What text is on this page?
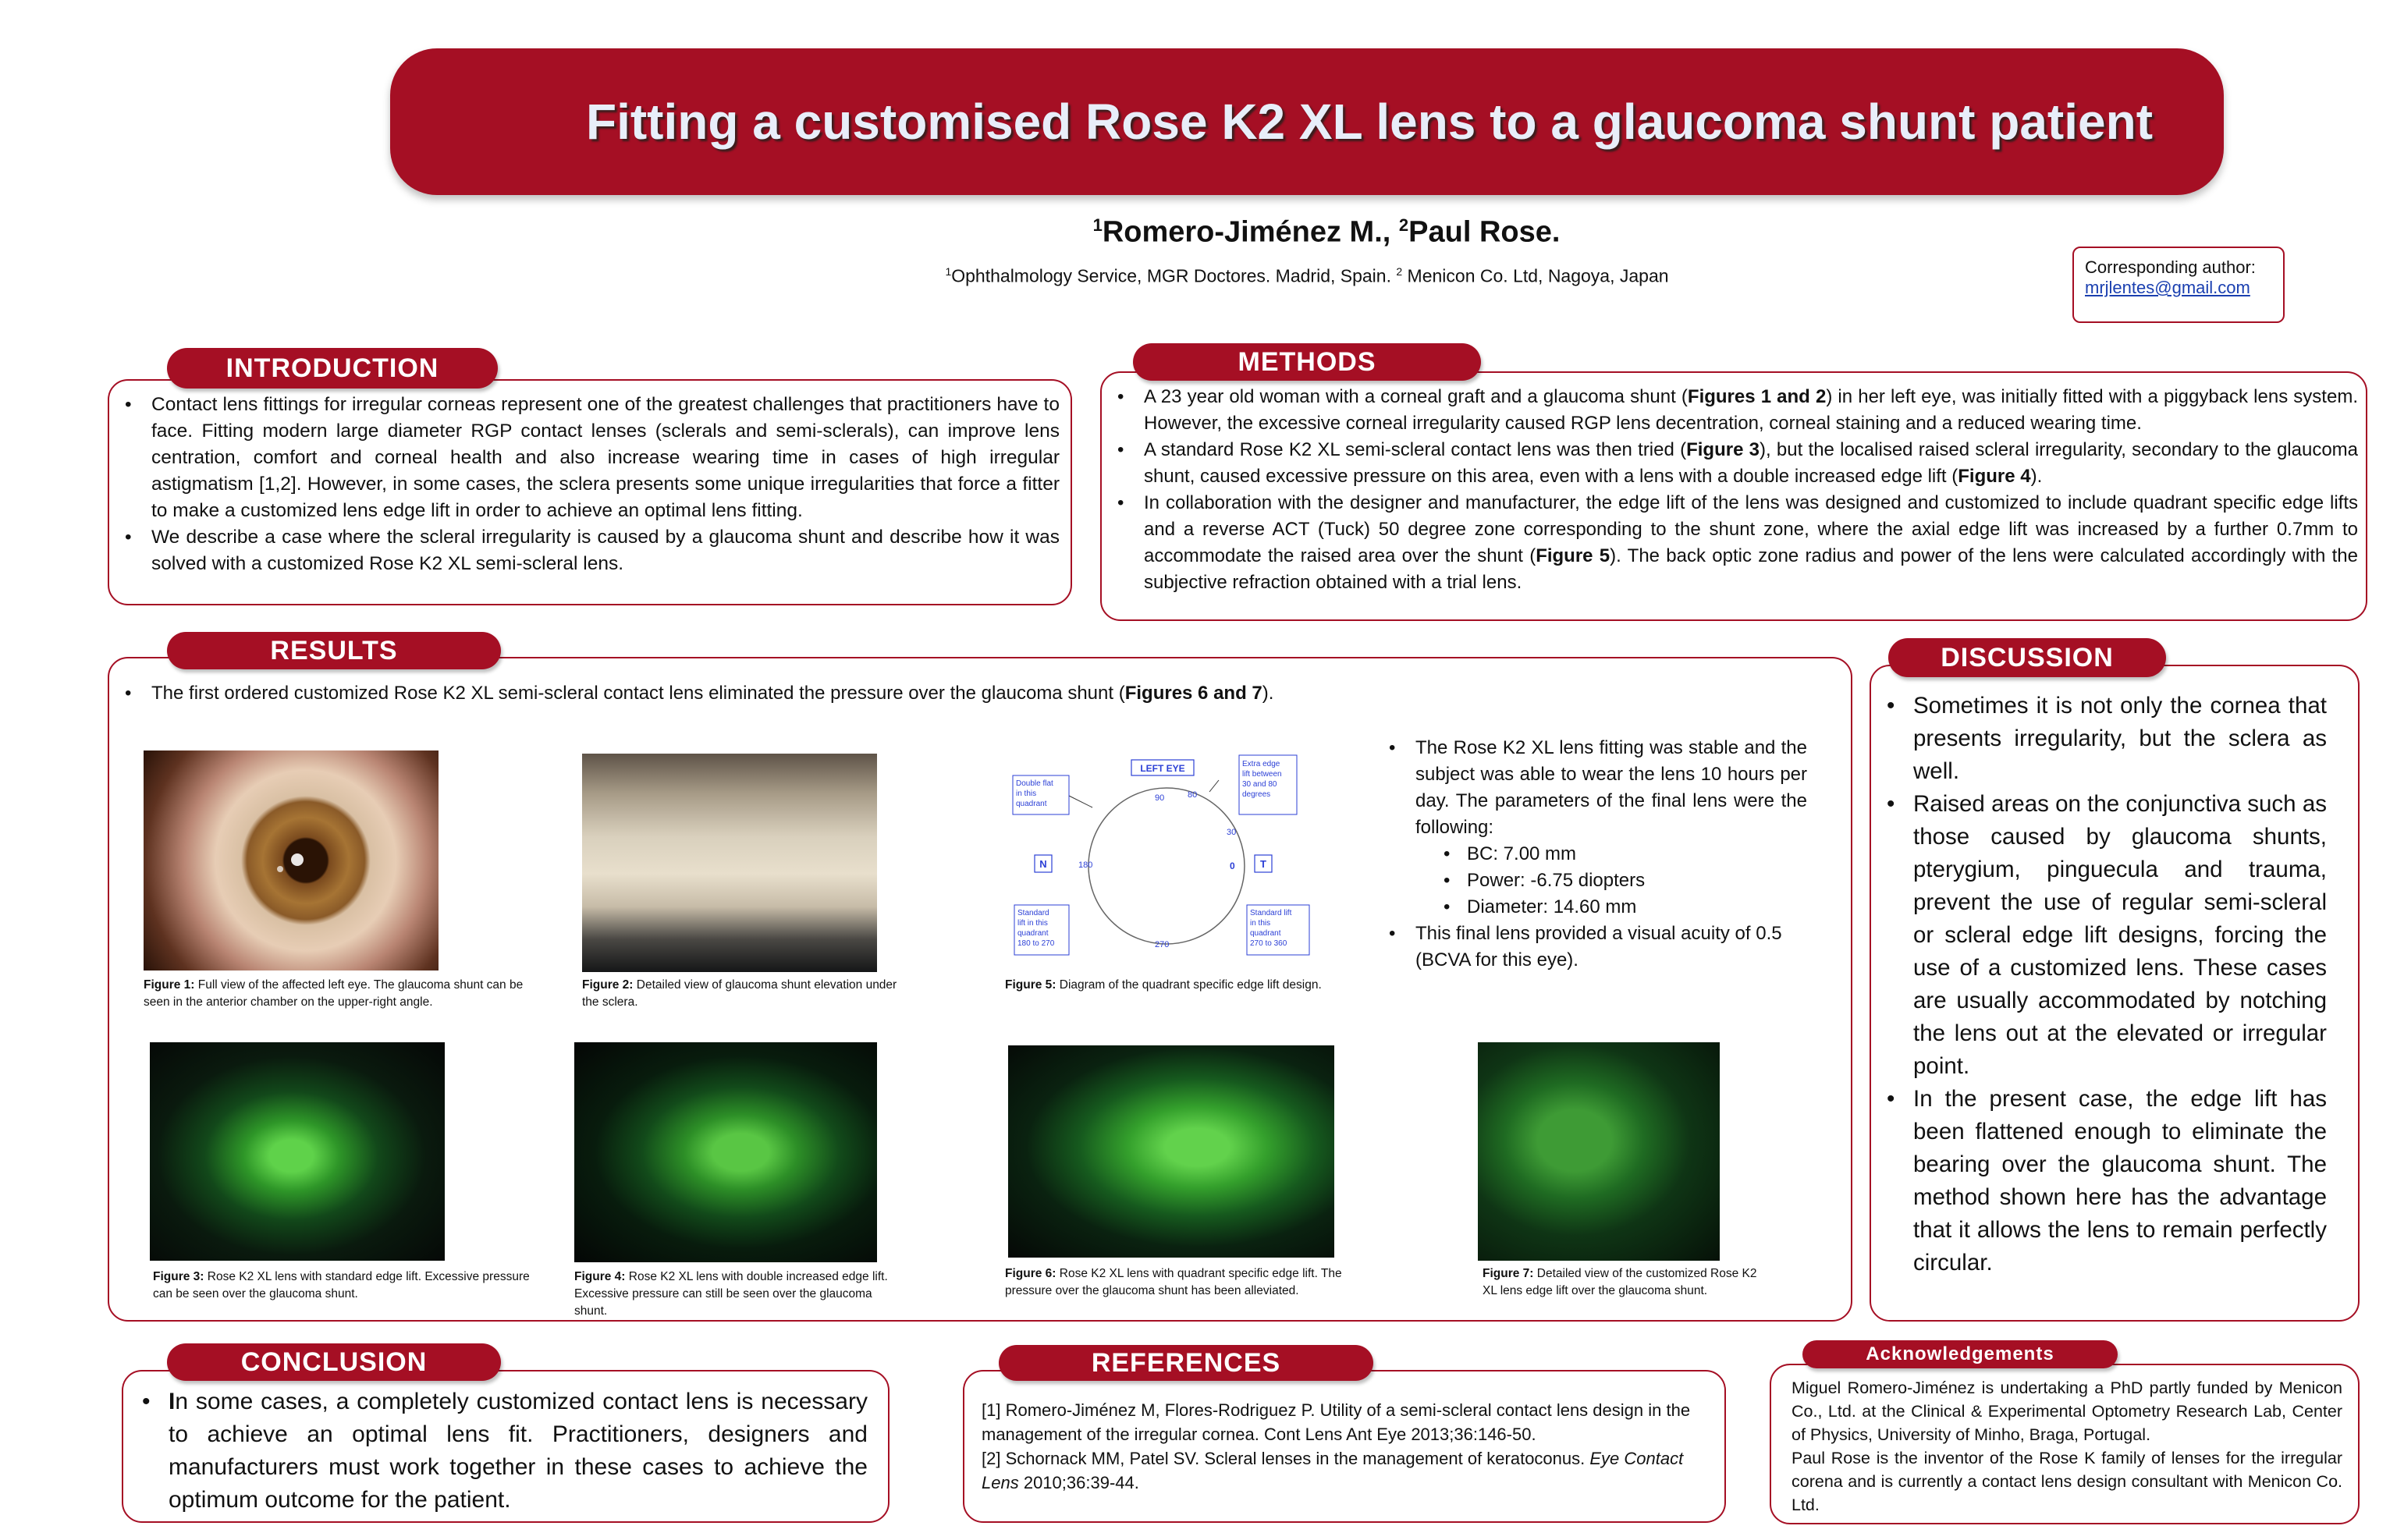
Fitting a customised Rose K2 XL lens to a glaucoma shunt patient
$^1$Romero-Jiménez M., $^2$Paul Rose.
$^1$Ophthalmology Service, MGR Doctores. Madrid, Spain. $^2$ Menicon Co. Ltd, Nagoya, Japan	Corresponding author:
mrjlentes@gmail.com
INTRODUCTION
• Contact lens fittings for irregular corneas represent one of the greatest challenges that practitioners have to face. Fitting modern large diameter RGP contact lenses (sclerals and semi-sclerals), can improve lens centration, comfort and corneal health and also increase wearing time in cases of high irregular astigmatism [1,2]. However, in some cases, the sclera presents some unique irregularities that force a fitter to make a customized lens edge lift in order to achieve an optimal lens fitting.
• We describe a case where the scleral irregularity is caused by a glaucoma shunt and describe how it was solved with a customized Rose K2 XL semi-scleral lens.
METHODS
• A 23 year old woman with a corneal graft and a glaucoma shunt (Figures 1 and 2) in her left eye, was initially fitted with a piggyback lens system. However, the excessive corneal irregularity caused RGP lens decentration, corneal staining and a reduced wearing time.
• A standard Rose K2 XL semi-scleral contact lens was then tried (Figure 3), but the localised raised scleral irregularity, secondary to the glaucoma shunt, caused excessive pressure on this area, even with a lens with a double increased edge lift (Figure 4).
• In collaboration with the designer and manufacturer, the edge lift of the lens was designed and customized to include quadrant specific edge lifts and a reverse ACT (Tuck) 50 degree zone corresponding to the shunt zone, where the axial edge lift was increased by a further 0.7mm to accommodate the raised area over the shunt (Figure 5). The back optic zone radius and power of the lens were calculated accordingly with the subjective refraction obtained with a trial lens.
RESULTS
• The first ordered customized Rose K2 XL semi-scleral contact lens eliminated the pressure over the glaucoma shunt (Figures 6 and 7).
Figure 1: Full view of the affected left eye. The glaucoma shunt can be seen in the anterior chamber on the upper-right angle.
Figure 2: Detailed view of glaucoma shunt elevation under the sclera.
LEFT EYE
N	T
90	80
30
0
180
270
Double flat in this quadrant
Extra edge lift between 30 and 80 degrees
Standard lift in this quadrant 180 to 270
Standard lift in this quadrant 270 to 360
Figure 5: Diagram of the quadrant specific edge lift design.
• The Rose K2 XL lens fitting was stable and the subject was able to wear the lens 10 hours per day. The parameters of the final lens were the following:
• BC: 7.00 mm
• Power: -6.75 diopters
• Diameter: 14.60 mm
• This final lens provided a visual acuity of 0.5 (BCVA for this eye).
Figure 3: Rose K2 XL lens with standard edge lift. Excessive pressure can be seen over the glaucoma shunt.
Figure 4: Rose K2 XL lens with double increased edge lift. Excessive pressure can still be seen over the glaucoma shunt.
Figure 6: Rose K2 XL lens with quadrant specific edge lift. The pressure over the glaucoma shunt has been alleviated.
Figure 7: Detailed view of the customized Rose K2 XL lens edge lift over the glaucoma shunt.
DISCUSSION
• Sometimes it is not only the cornea that presents irregularity, but the sclera as well.
• Raised areas on the conjunctiva such as those caused by glaucoma shunts, pterygium, pinguecula and trauma, prevent the use of regular semi-scleral or scleral edge lift designs, forcing the use of a customized lens. These cases are usually accommodated by notching the lens out at the elevated or irregular point.
• In the present case, the edge lift has been flattened enough to eliminate the bearing over the glaucoma shunt. The method shown here has the advantage that it allows the lens to remain perfectly circular.
CONCLUSION
• In some cases, a completely customized contact lens is necessary to achieve an optimal lens fit. Practitioners, designers and manufacturers must work together in these cases to achieve the optimum outcome for the patient.
REFERENCES
[1] Romero-Jiménez M, Flores-Rodriguez P. Utility of a semi-scleral contact lens design in the management of the irregular cornea. Cont Lens Ant Eye 2013;36:146-50.
[2] Schornack MM, Patel SV. Scleral lenses in the management of keratoconus. Eye Contact Lens 2010;36:39-44.
Acknowledgements
Miguel Romero-Jiménez is undertaking a PhD partly funded by Menicon Co., Ltd. at the Clinical & Experimental Optometry Research Lab, Center of Physics, University of Minho, Braga, Portugal.
Paul Rose is the inventor of the Rose K family of lenses for the irregular corena and is currently a contact lens design consultant with Menicon Co. Ltd.
